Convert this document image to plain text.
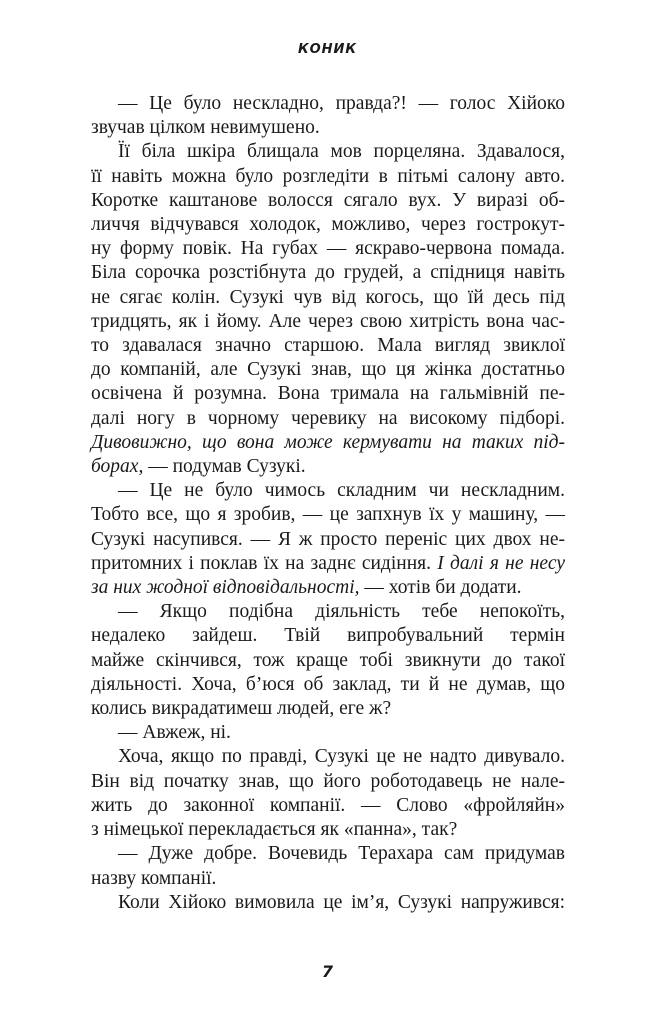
КОНИК

— Це було нескладно, правда?! — голос Хійоко
звучав цілком невимушено.

Її біла шкіра блищала мов порцеляна. Здавалося,
її навіть можна було розгледіти в пітьмі салону авто.
Коротке каштанове волосся сягало вух. У виразі об-
личчя відчувався холодок, можливо, через гострокут-
ну форму повік. На губах — яскраво-червона помада.
Біла сорочка розстібнута до грудей, а спідниця навіть
не сягає колін. Сузукі чув від когось, що їй десь під
тридцять, як і йому. Але через свою хитрість вона час-
то здавалася значно старшою. Мала вигляд звиклої
до компаній, але Сузукі знав, що ця жінка достатньо
освічена й розумна. Вона тримала на гальмівній пе-
далі ногу в чорному черевику на високому підборі.
Дивовижно, що вона може кермувати на таких під-
борах, — подумав Сузукі.

— Це не було чимось складним чи нескладним.
Тобто все, що я зробив, — це запхнув їх у машину, —
Сузукі насупився. — Я ж просто переніс цих двох не-
притомних і поклав їх на заднє сидіння. І далі я не несу
за них жодної відповідальності, — хотів би додати.

— Якщо подібна діяльність тебе непокоїть,
недалеко зайдеш. Твій випробувальний термін
майже скінчився, тож краще тобі звикнути до такої
діяльності. Хоча, б’юся об заклад, ти й не думав, що
колись викрадатимеш людей, еге ж?

— Авжеж, ні.

Хоча, якщо по правді, Сузукі це не надто дивувало.
Він від початку знав, що його роботодавець не нале-
жить до законної компанії. — Слово «фройляйн»
з німецької перекладається як «панна», так?

— Дуже добре. Вочевидь Терахара сам придумав
назву компанії.

Коли Хійоко вимовила це ім’я, Сузукі напружився:

7
